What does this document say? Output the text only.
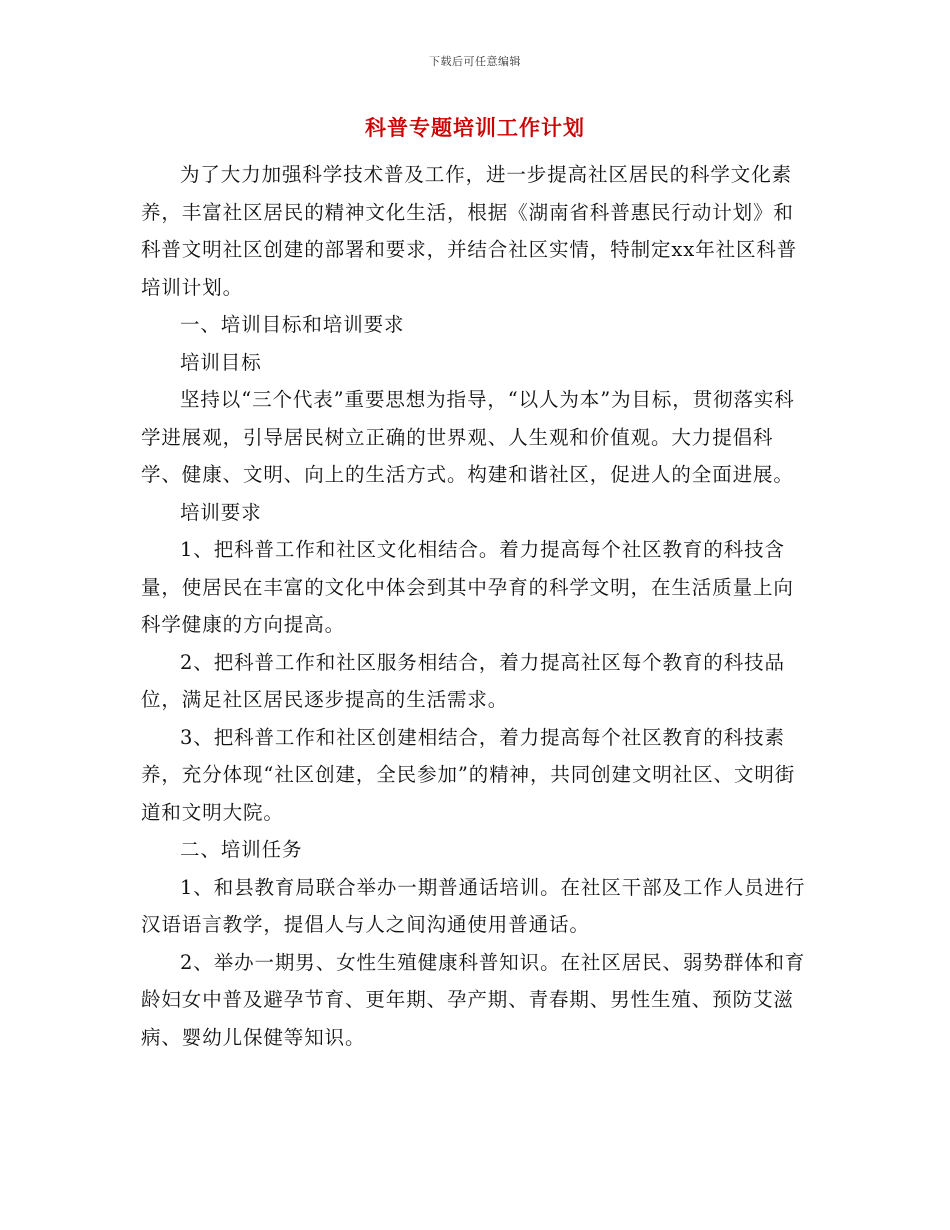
下载后可任意编辑
科普专题培训工作计划

为了大力加强科学技术普及工作，进一步提高社区居民的科学文化素养，丰富社区居民的精神文化生活，根据《湖南省科普惠民行动计划》和科普文明社区创建的部署和要求，并结合社区实情，特制定xx年社区科普培训计划。

一、培训目标和培训要求

培训目标

坚持以“三个代表”重要思想为指导，“以人为本”为目标，贯彻落实科学进展观，引导居民树立正确的世界观、人生观和价值观。大力提倡科学、健康、文明、向上的生活方式。构建和谐社区，促进人的全面进展。

培训要求

1、把科普工作和社区文化相结合。着力提高每个社区教育的科技含量，使居民在丰富的文化中体会到其中孕育的科学文明，在生活质量上向科学健康的方向提高。

2、把科普工作和社区服务相结合，着力提高社区每个教育的科技品位，满足社区居民逐步提高的生活需求。

3、把科普工作和社区创建相结合，着力提高每个社区教育的科技素养，充分体现“社区创建，全民参加”的精神，共同创建文明社区、文明街道和文明大院。

二、培训任务

1、和县教育局联合举办一期普通话培训。在社区干部及工作人员进行汉语语言教学，提倡人与人之间沟通使用普通话。

2、举办一期男、女性生殖健康科普知识。在社区居民、弱势群体和育龄妇女中普及避孕节育、更年期、孕产期、青春期、男性生殖、预防艾滋病、婴幼儿保健等知识。
